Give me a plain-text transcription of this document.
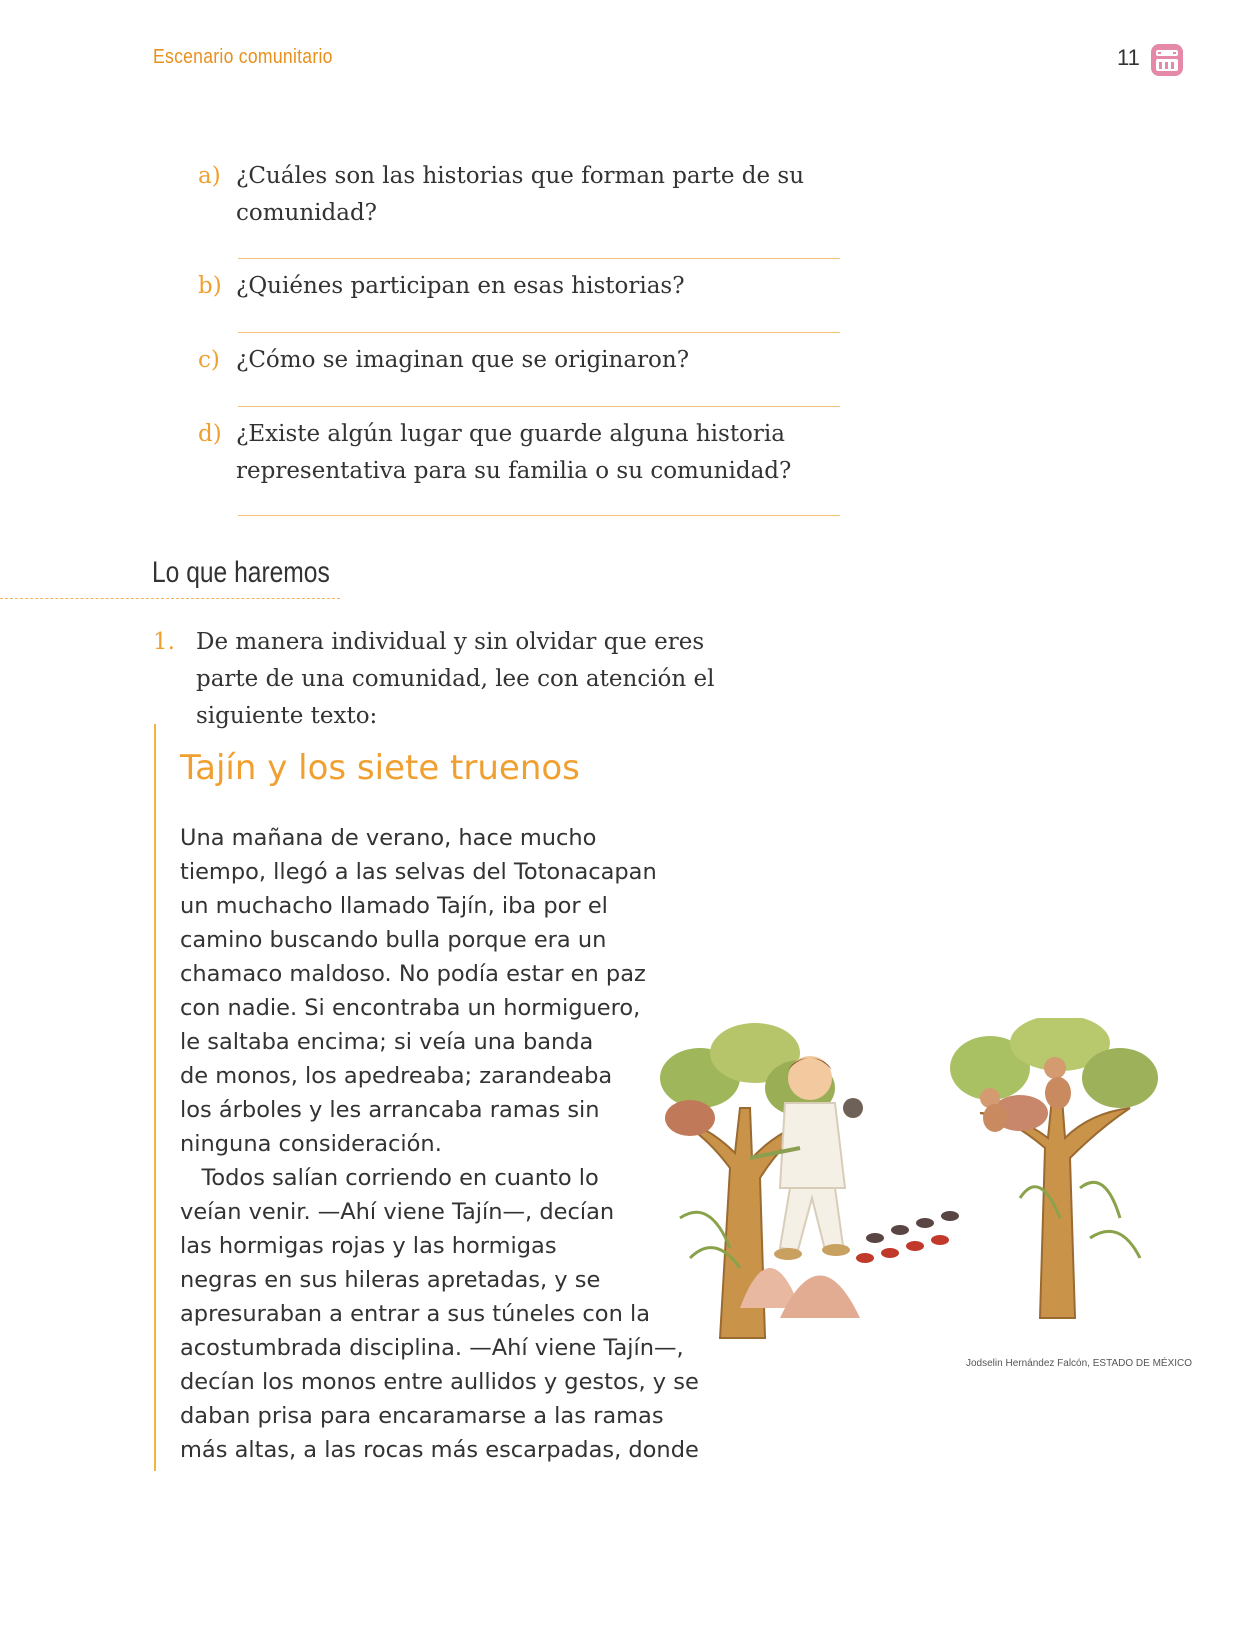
Escenario comunitario	11
a) ¿Cuáles son las historias que forman parte de su comunidad?
b) ¿Quiénes participan en esas historias?
c) ¿Cómo se imaginan que se originaron?
d) ¿Existe algún lugar que guarde alguna historia representativa para su familia o su comunidad?
Lo que haremos
1. De manera individual y sin olvidar que eres parte de una comunidad, lee con atención el siguiente texto:
Tajín y los siete truenos
Una mañana de verano, hace mucho
tiempo, llegó a las selvas del Totonacapan
un muchacho llamado Tajín, iba por el
camino buscando bulla porque era un
chamaco maldoso. No podía estar en paz
con nadie. Si encontraba un hormiguero,
le saltaba encima; si veía una banda
de monos, los apedreaba; zarandeaba
los árboles y les arrancaba ramas sin
ninguna consideración.
Todos salían corriendo en cuanto lo
veían venir. —Ahí viene Tajín—, decían
las hormigas rojas y las hormigas
negras en sus hileras apretadas, y se
apresuraban a entrar a sus túneles con la
acostumbrada disciplina. —Ahí viene Tajín—,
decían los monos entre aullidos y gestos, y se
daban prisa para encaramarse a las ramas
más altas, a las rocas más escarpadas, donde
Jodselin Hernández Falcón, ESTADO DE MÉXICO
